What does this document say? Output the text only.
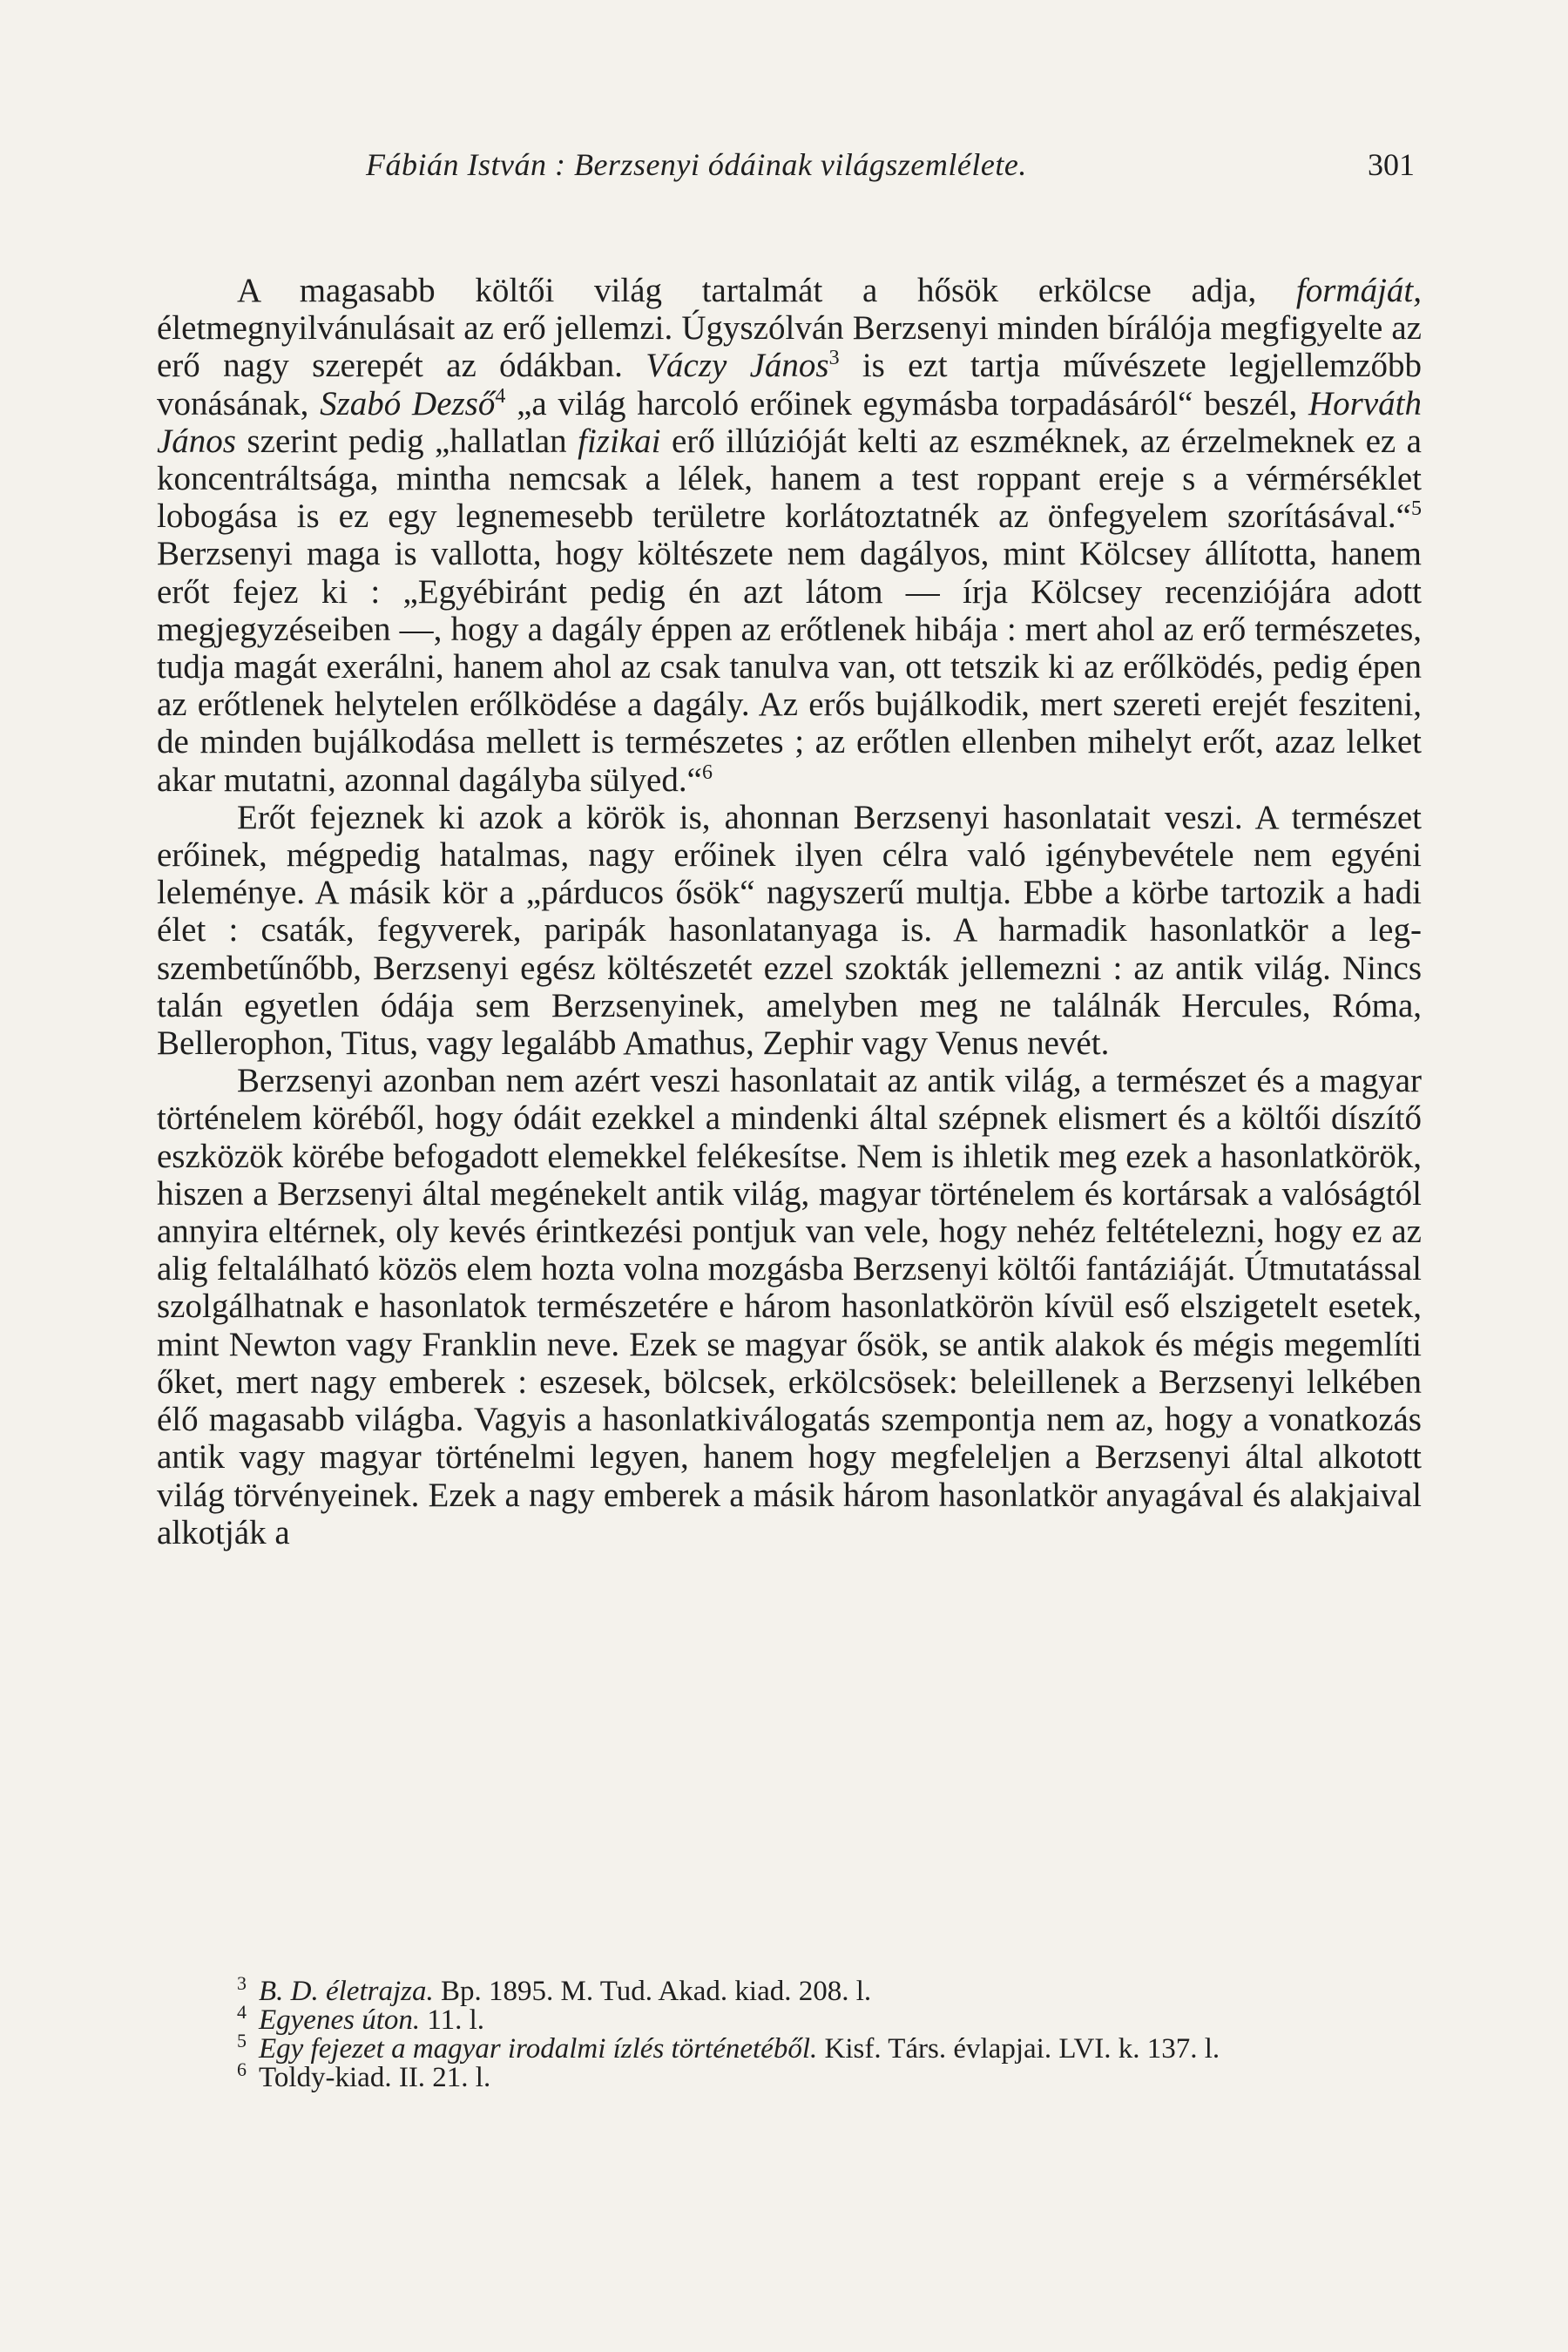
Fábián István : Berzsenyi ódáinak világszemlélete.	301

A magasabb költői világ tartalmát a hősök erkölcse adja, formáját, életmegnyilvánulásait az erő jellemzi. Úgyszólván Berzsenyi minden bírálója megfigyelte az erő nagy szerepét az ódákban. Váczy János$^3$ is ezt tartja művészete legjellemzőbb vonásának, Szabó Dezső$^4$ „a világ harcoló erőinek egymásba torpadásáról“ beszél, Horváth János szerint pedig „hallatlan fizikai erő illúzióját kelti az eszméknek, az érzelmeknek ez a koncentráltsága, mintha nemcsak a lélek, hanem a test roppant ereje s a vérmérséklet lobogása is ez egy legnemesebb területre korlátoztatnék az önfegyelem szorításával.“$^5$ Berzsenyi maga is vallotta, hogy költészete nem dagályos, mint Kölcsey állította, hanem erőt fejez ki : „Egyébiránt pedig én azt látom — írja Kölcsey recenziójára adott megjegyzéseiben —, hogy a dagály éppen az erőtlenek hibája : mert ahol az erő természetes, tudja magát exerálni, hanem ahol az csak tanulva van, ott tetszik ki az erőlködés, pedig épen az erőtlenek helytelen erőlködése a dagály. Az erős bujálkodik, mert szereti erejét fesziteni, de minden bujálkodása mellett is természetes ; az erőtlen ellenben mihelyt erőt, azaz lelket akar mutatni, azonnal dagályba sülyed.“$^6$

Erőt fejeznek ki azok a körök is, ahonnan Berzsenyi hasonlatait veszi. A természet erőinek, mégpedig hatalmas, nagy erőinek ilyen célra való igénybevétele nem egyéni leleménye. A másik kör a „párducos ősök“ nagyszerű multja. Ebbe a körbe tartozik a hadi élet : csaták, fegyverek, paripák hasonlatanyaga is. A harmadik hasonlatkör a legszembetűnőbb, Berzsenyi egész költészetét ezzel szokták jellemezni : az antik világ. Nincs talán egyetlen ódája sem Berzsenyinek, amelyben meg ne találnák Hercules, Róma, Bellerophon, Titus, vagy legalább Amathus, Zephir vagy Venus nevét.

Berzsenyi azonban nem azért veszi hasonlatait az antik világ, a természet és a magyar történelem köréből, hogy ódáit ezekkel a mindenki által szépnek elismert és a költői díszítő eszközök körébe befogadott elemekkel felékesítse. Nem is ihletik meg ezek a hasonlatkörök, hiszen a Berzsenyi által megénekelt antik világ, magyar történelem és kortársak a valóságtól annyira eltérnek, oly kevés érintkezési pontjuk van vele, hogy nehéz feltételezni, hogy ez az alig feltalálható közös elem hozta volna mozgásba Berzsenyi költői fantáziáját. Útmutatással szolgálhatnak e hasonlatok természetére e három hasonlatkörön kívül eső elszigetelt esetek, mint Newton vagy Franklin neve. Ezek se magyar ősök, se antik alakok és mégis megemlíti őket, mert nagy emberek : eszesek, bölcsek, erkölcsösek: beleillenek a Berzsenyi lelkében élő magasabb világba. Vagyis a hasonlatkiválogatás szempontja nem az, hogy a vonatkozás antik vagy magyar történelmi legyen, hanem hogy megfeleljen a Berzsenyi által alkotott világ törvényeinek. Ezek a nagy emberek a másik három hasonlatkör anyagával és alakjaival alkotják a

$^3$ B. D. életrajza. Bp. 1895. M. Tud. Akad. kiad. 208. l.

$^4$ Egyenes úton. 11. l.

$^5$ Egy fejezet a magyar irodalmi ízlés történetéből. Kisf. Társ. évlapjai. LVI. k. 137. l.

$^6$ Toldy-kiad. II. 21. l.
